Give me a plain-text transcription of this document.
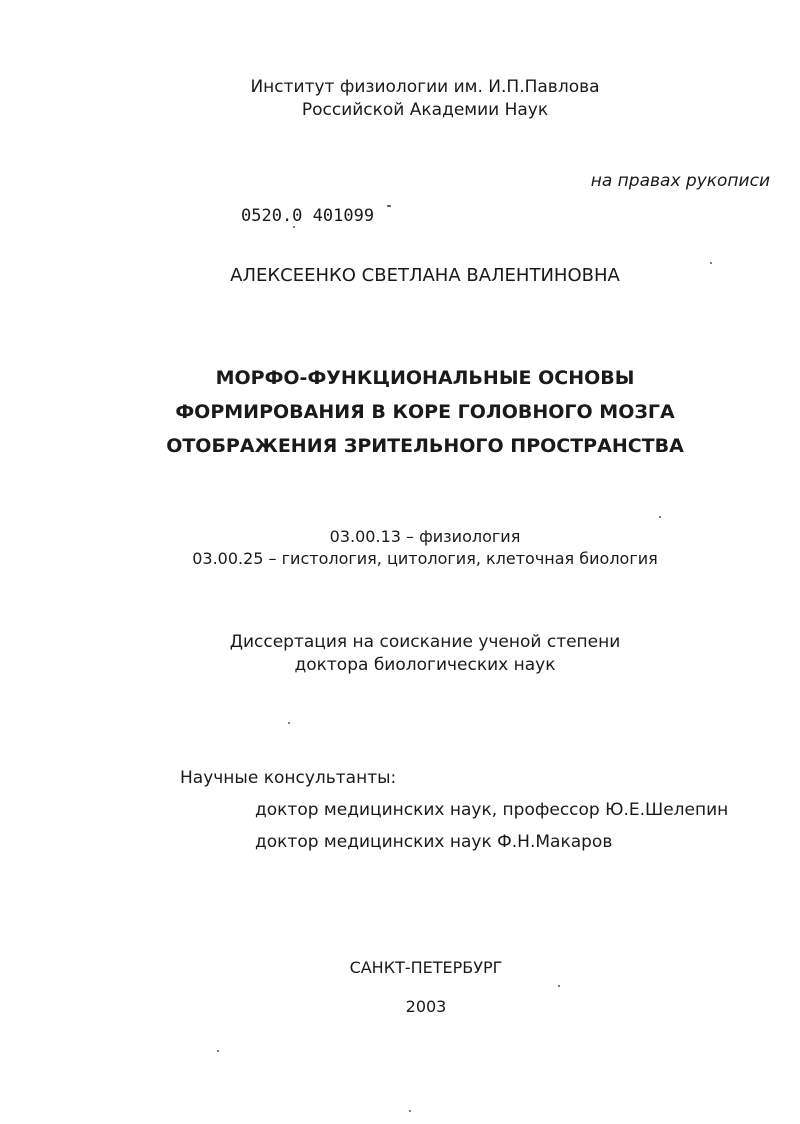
Институт физиологии им. И.П.Павлова
Российской Академии Наук
на правах рукописи
0520.0 401099
АЛЕКСЕЕНКО СВЕТЛАНА ВАЛЕНТИНОВНА
МОРФО-ФУНКЦИОНАЛЬНЫЕ ОСНОВЫ
ФОРМИРОВАНИЯ В КОРЕ ГОЛОВНОГО МОЗГА
ОТОБРАЖЕНИЯ ЗРИТЕЛЬНОГО ПРОСТРАНСТВА
03.00.13 – физиология
03.00.25 – гистология, цитология, клеточная биология
Диссертация на соискание ученой степени
доктора биологических наук
Научные консультанты:
доктор медицинских наук, профессор Ю.Е.Шелепин
доктор медицинских наук Ф.Н.Макаров
САНКТ-ПЕТЕРБУРГ
2003
